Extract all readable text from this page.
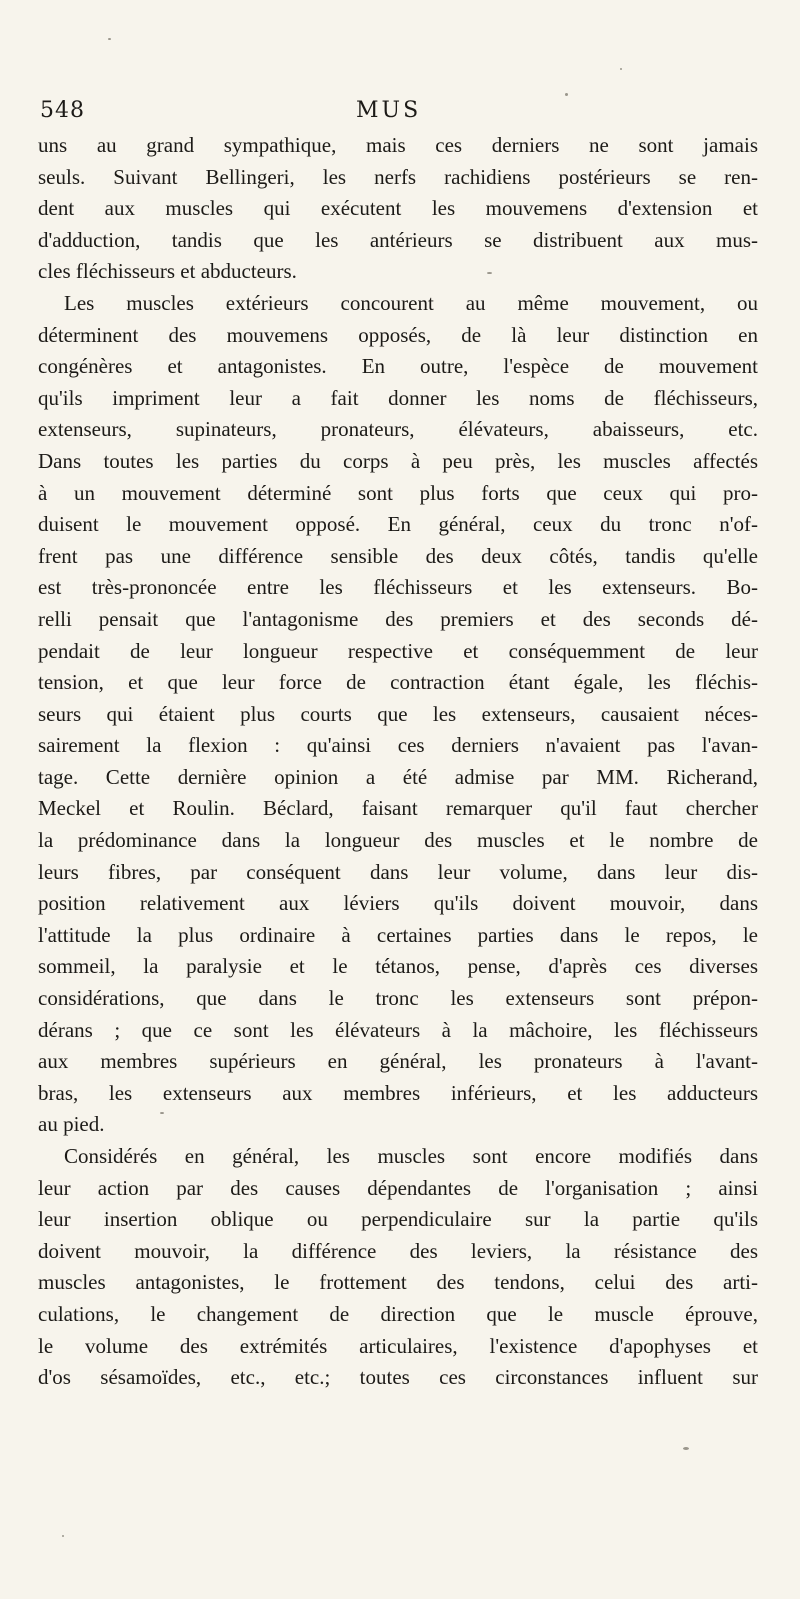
548	MUS
uns au grand sympathique, mais ces derniers ne sont jamais
seuls. Suivant Bellingeri, les nerfs rachidiens postérieurs se ren-
dent aux muscles qui exécutent les mouvemens d'extension et
d'adduction, tandis que les antérieurs se distribuent aux mus-
cles fléchisseurs et abducteurs.
Les muscles extérieurs concourent au même mouvement, ou
déterminent des mouvemens opposés, de là leur distinction en
congénères et antagonistes. En outre, l'espèce de mouvement
qu'ils impriment leur a fait donner les noms de fléchisseurs,
extenseurs, supinateurs, pronateurs, élévateurs, abaisseurs, etc.
Dans toutes les parties du corps à peu près, les muscles affectés
à un mouvement déterminé sont plus forts que ceux qui pro-
duisent le mouvement opposé. En général, ceux du tronc n'of-
frent pas une différence sensible des deux côtés, tandis qu'elle
est très-prononcée entre les fléchisseurs et les extenseurs. Bo-
relli pensait que l'antagonisme des premiers et des seconds dé-
pendait de leur longueur respective et conséquemment de leur
tension, et que leur force de contraction étant égale, les fléchis-
seurs qui étaient plus courts que les extenseurs, causaient néces-
sairement la flexion : qu'ainsi ces derniers n'avaient pas l'avan-
tage. Cette dernière opinion a été admise par MM. Richerand,
Meckel et Roulin. Béclard, faisant remarquer qu'il faut chercher
la prédominance dans la longueur des muscles et le nombre de
leurs fibres, par conséquent dans leur volume, dans leur dis-
position relativement aux léviers qu'ils doivent mouvoir, dans
l'attitude la plus ordinaire à certaines parties dans le repos, le
sommeil, la paralysie et le tétanos, pense, d'après ces diverses
considérations, que dans le tronc les extenseurs sont prépon-
dérans ; que ce sont les élévateurs à la mâchoire, les fléchisseurs
aux membres supérieurs en général, les pronateurs à l'avant-
bras, les extenseurs aux membres inférieurs, et les adducteurs
au pied.
Considérés en général, les muscles sont encore modifiés dans
leur action par des causes dépendantes de l'organisation ; ainsi
leur insertion oblique ou perpendiculaire sur la partie qu'ils
doivent mouvoir, la différence des leviers, la résistance des
muscles antagonistes, le frottement des tendons, celui des arti-
culations, le changement de direction que le muscle éprouve,
le volume des extrémités articulaires, l'existence d'apophyses et
d'os sésamoïdes, etc., etc.; toutes ces circonstances influent sur
